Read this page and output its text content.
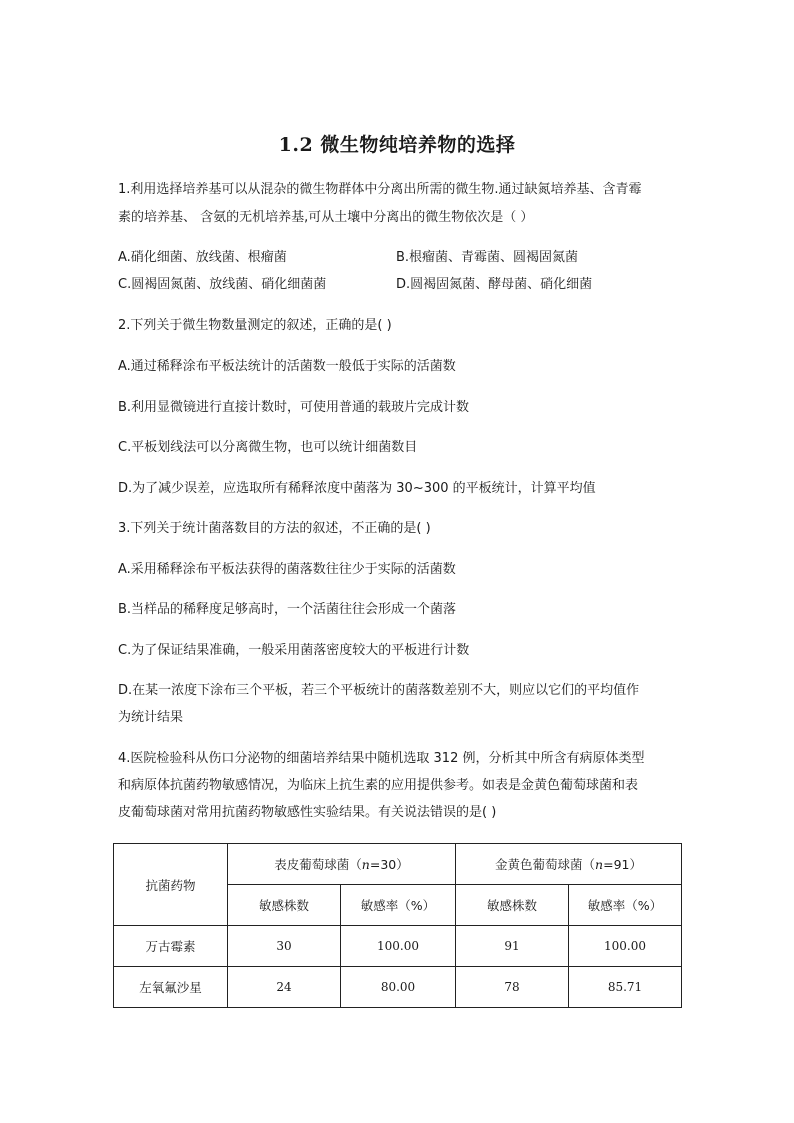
1.2 微生物纯培养物的选择
1.利用选择培养基可以从混杂的微生物群体中分离出所需的微生物.通过缺氮培养基、含青霉
素的培养基、 含氨的无机培养基,可从土壤中分离出的微生物依次是（ ）
A.硝化细菌、放线菌、根瘤菌	B.根瘤菌、青霉菌、圆褐固氮菌
C.圆褐固氮菌、放线菌、硝化细菌菌	D.圆褐固氮菌、酵母菌、硝化细菌
2.下列关于微生物数量测定的叙述，正确的是( )
A.通过稀释涂布平板法统计的活菌数一般低于实际的活菌数
B.利用显微镜进行直接计数时，可使用普通的载玻片完成计数
C.平板划线法可以分离微生物，也可以统计细菌数目
D.为了减少误差，应选取所有稀释浓度中菌落为 30~300 的平板统计，计算平均值
3.下列关于统计菌落数目的方法的叙述，不正确的是( )
A.采用稀释涂布平板法获得的菌落数往往少于实际的活菌数
B.当样品的稀释度足够高时，一个活菌往往会形成一个菌落
C.为了保证结果准确，一般采用菌落密度较大的平板进行计数
D.在某一浓度下涂布三个平板，若三个平板统计的菌落数差别不大，则应以它们的平均值作
为统计结果
4.医院检验科从伤口分泌物的细菌培养结果中随机选取 312 例，分析其中所含有病原体类型
和病原体抗菌药物敏感情况，为临床上抗生素的应用提供参考。如表是金黄色葡萄球菌和表
皮葡萄球菌对常用抗菌药物敏感性实验结果。有关说法错误的是( )
抗菌药物	表皮葡萄球菌（n=30）		金黄色葡萄球菌（n=91）	
	敏感株数	敏感率（%）	敏感株数	敏感率（%）
万古霉素	30	100.00	91	100.00
左氧氟沙星	24	80.00	78	85.71
